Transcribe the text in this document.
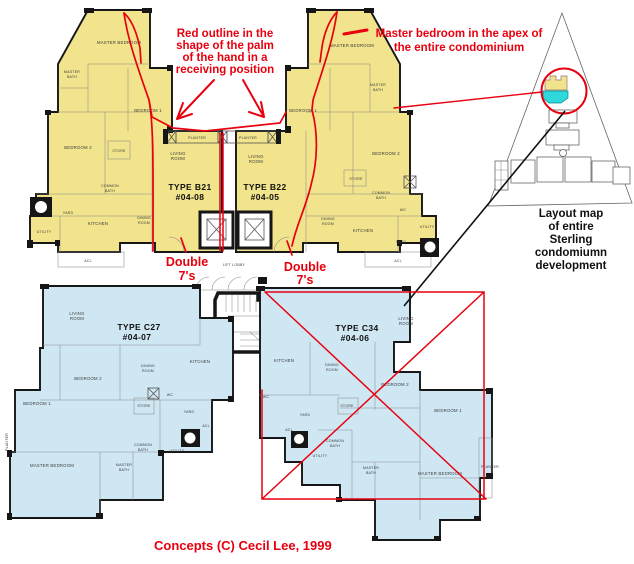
MASTER BEDROOM
MASTER
BATH
BEDROOM 1
BEDROOM 2
STORE	LIVING
ROOM
DINING
ROOM
COMMON
BATH
YARD
KITCHEN
UTILITY
ACL
TYPE B21
#04-08
MASTER BEDROOM
MASTER
BATH
BEDROOM 1
BEDROOM 2
STORE
LIVING
ROOM
DINING
ROOM
COMMON
BATH
WC
KITCHEN
UTILITY
YARD
ACL
TYPE B22
#04-05
PLANTER	PLANTER
LIFT LOBBY
LIVING
ROOM
BEDROOM 2
BEDROOM 1
MASTER BEDROOM
DINING
ROOM
KITCHEN
STORE
WC
YARD
ACL
COMMON
BATH
MASTER
BATH
UTILITY
PLANTER
TYPE C27
#04-07
LIVING
ROOM
DINING
ROOM
KITCHEN
BEDROOM 2
BEDROOM 1
MASTER BEDROOM
STORE
WC
YARD
ACL
COMMON
BATH
MASTER
BATH
UTILITY
PLANTER
TYPE C34
#04-06
Red outline in the
shape of the palm
of the hand in a
receiving position
Master bedroom in the apex of
the entire condominium
Double
7's
Double
7's
Layout map
of entire
Sterling
condomiumn
development
Concepts (C) Cecil Lee, 1999
